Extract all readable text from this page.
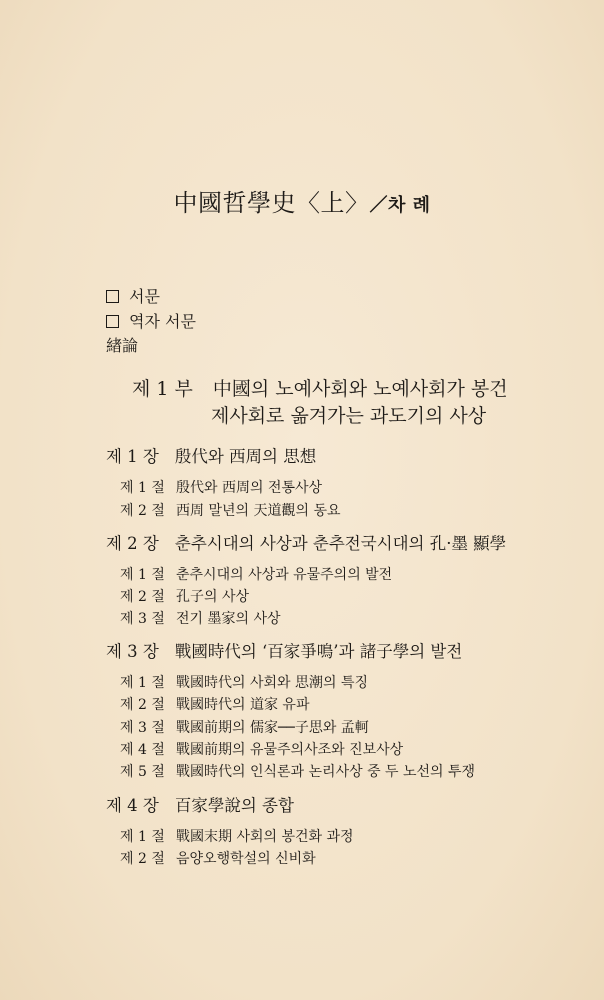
中國哲學史〈上〉／차 례
서문
역자 서문
緖論
제 1 부 中國의 노예사회와 노예사회가 봉건
제사회로 옮겨가는 과도기의 사상
제 1 장 殷代와 西周의 思想
제 1 절 殷代와 西周의 전통사상
제 2 절 西周 말년의 天道觀의 동요
제 2 장 춘추시대의 사상과 춘추전국시대의 孔·墨 顯學
제 1 절 춘추시대의 사상과 유물주의의 발전
제 2 절 孔子의 사상
제 3 절 전기 墨家의 사상
제 3 장 戰國時代의 ‘百家爭鳴’과 諸子學의 발전
제 1 절 戰國時代의 사회와 思潮의 특징
제 2 절 戰國時代의 道家 유파
제 3 절 戰國前期의 儒家──子思와 孟軻
제 4 절 戰國前期의 유물주의사조와 진보사상
제 5 절 戰國時代의 인식론과 논리사상 중 두 노선의 투쟁
제 4 장 百家學說의 종합
제 1 절 戰國末期 사회의 봉건화 과정
제 2 절 음양오행학설의 신비화
